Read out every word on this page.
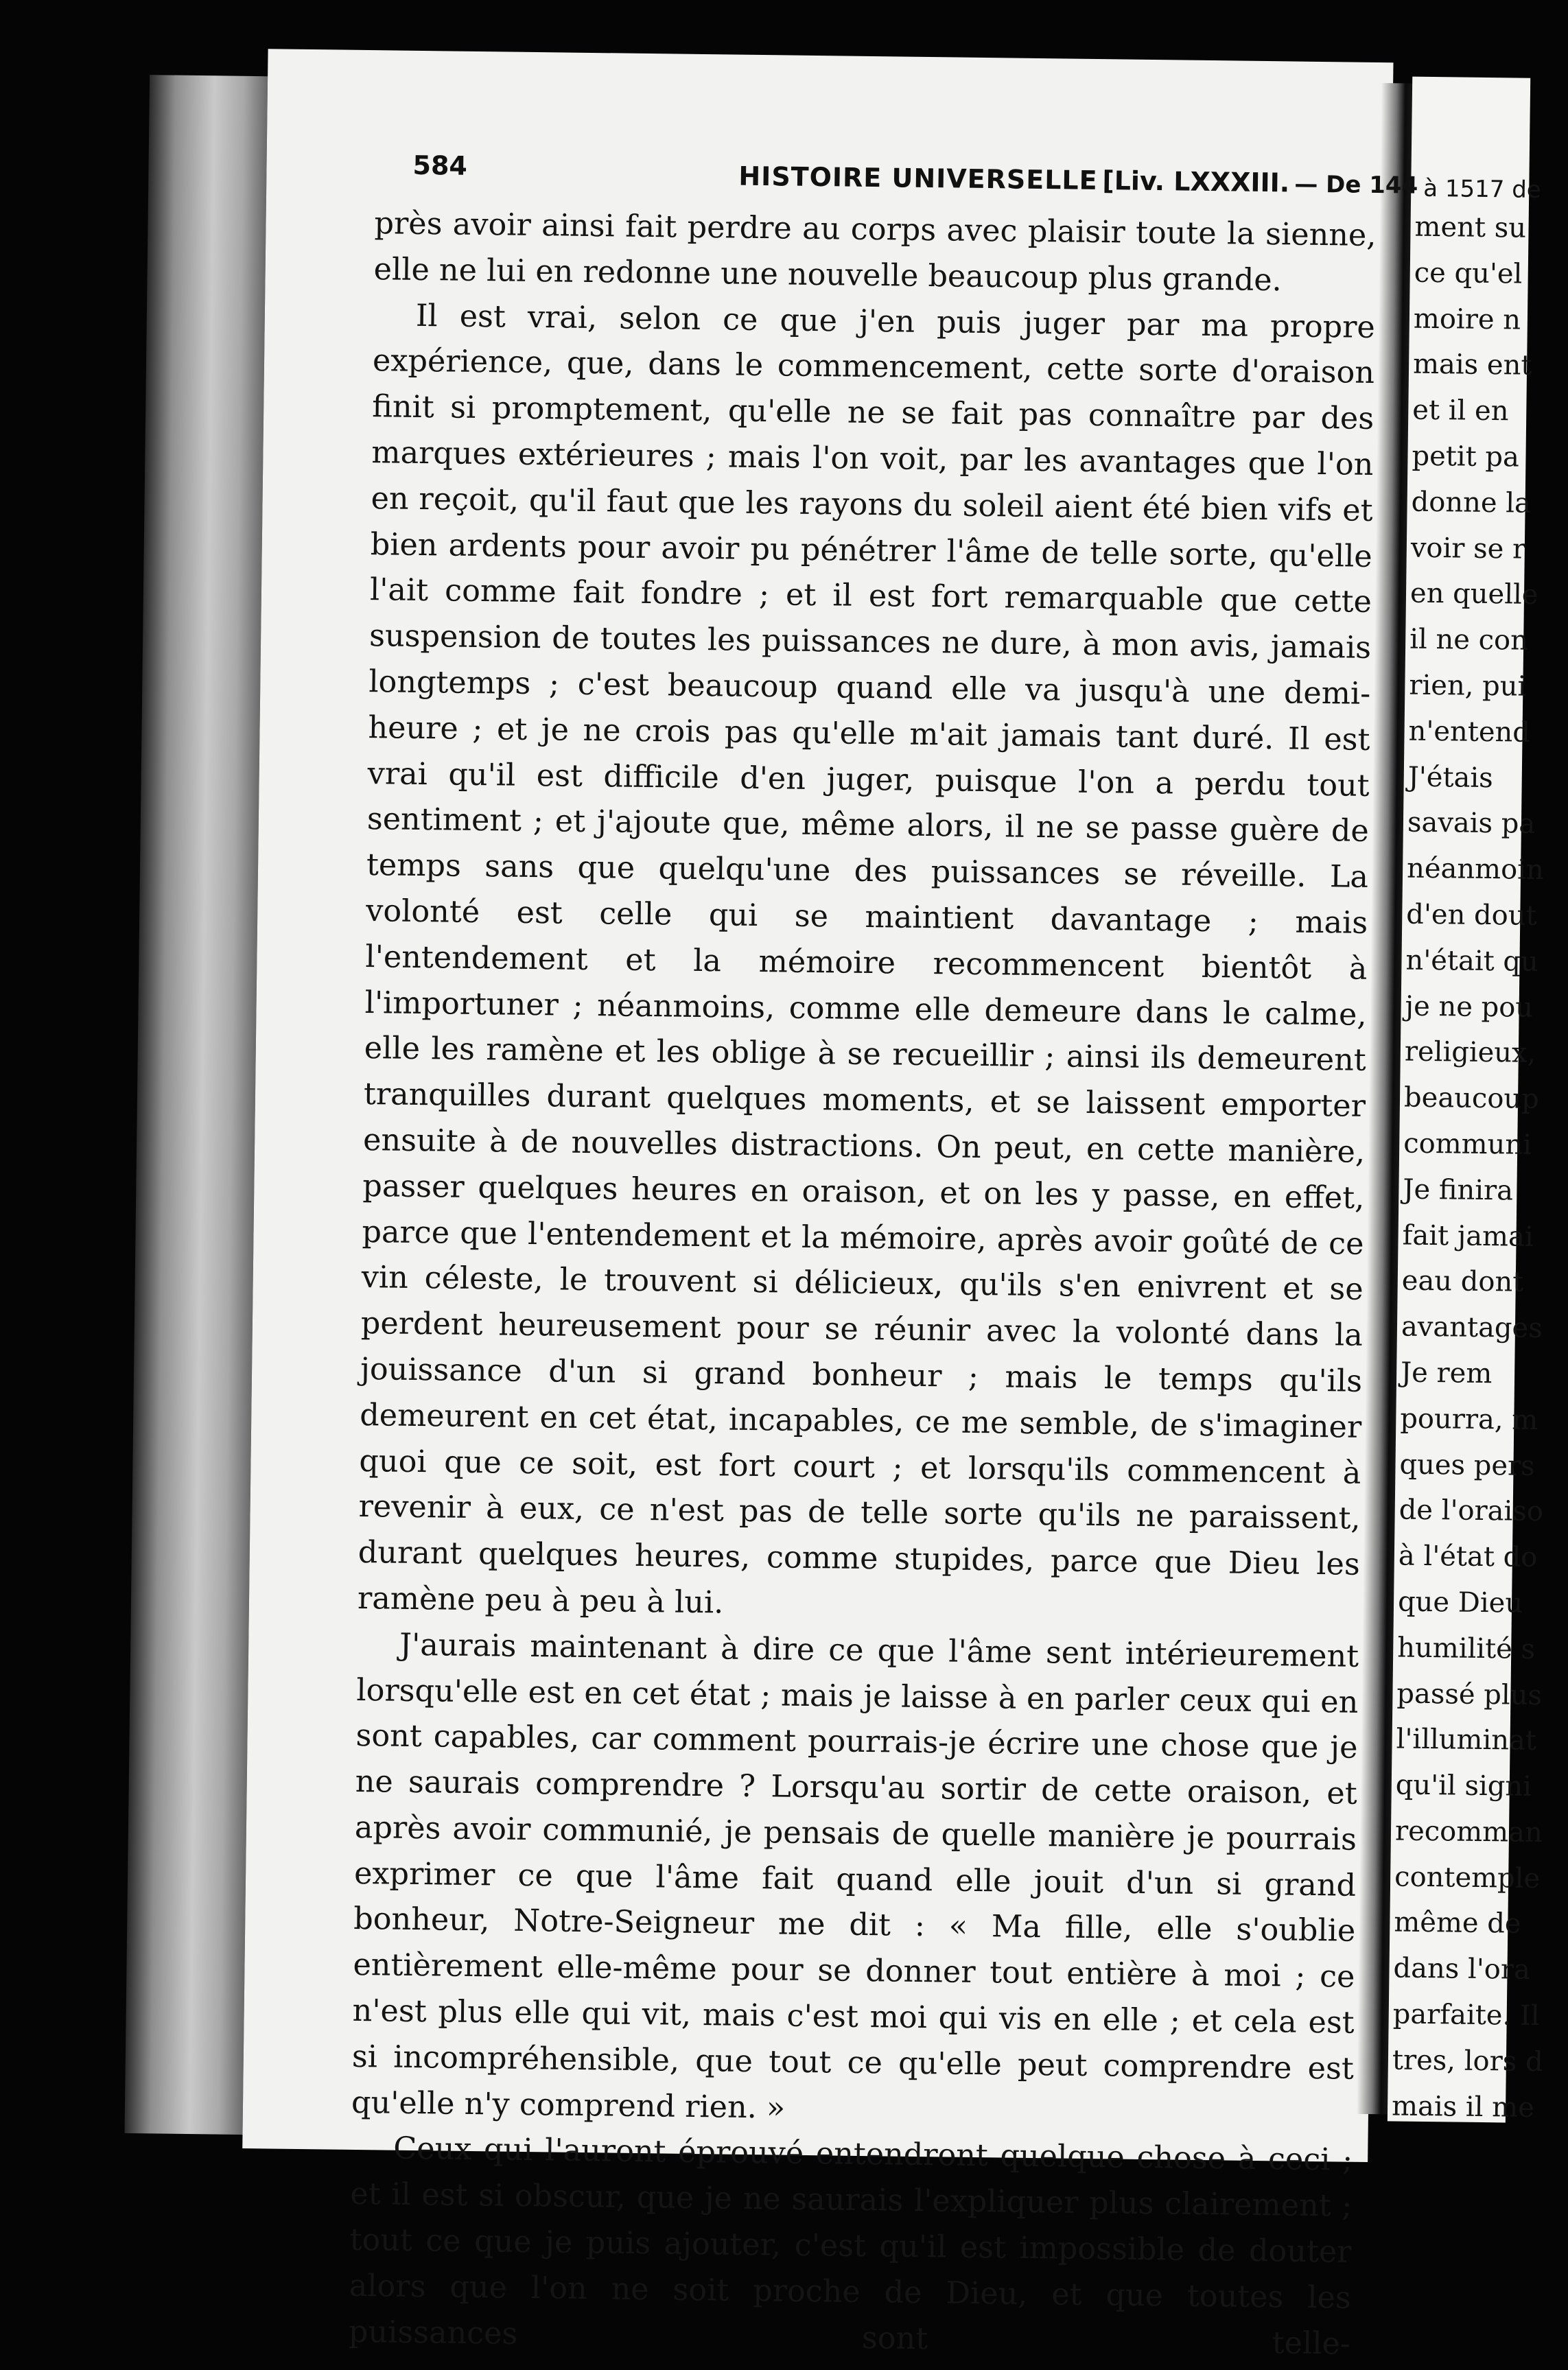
584	HISTOIRE UNIVERSELLE [Liv. LXXXIII. — De 144

près avoir ainsi fait perdre au corps avec plaisir toute la sienne, elle ne lui en redonne une nouvelle beaucoup plus grande.

Il est vrai, selon ce que j'en puis juger par ma propre expérience, que, dans le commencement, cette sorte d'oraison finit si promptement, qu'elle ne se fait pas connaître par des marques extérieures ; mais l'on voit, par les avantages que l'on en reçoit, qu'il faut que les rayons du soleil aient été bien vifs et bien ardents pour avoir pu pénétrer l'âme de telle sorte, qu'elle l'ait comme fait fondre ; et il est fort remarquable que cette suspension de toutes les puissances ne dure, à mon avis, jamais longtemps ; c'est beaucoup quand elle va jusqu'à une demi-heure ; et je ne crois pas qu'elle m'ait jamais tant duré. Il est vrai qu'il est difficile d'en juger, puisque l'on a perdu tout sentiment ; et j'ajoute que, même alors, il ne se passe guère de temps sans que quelqu'une des puissances se réveille. La volonté est celle qui se maintient davantage ; mais l'entendement et la mémoire recommencent bientôt à l'importuner ; néanmoins, comme elle demeure dans le calme, elle les ramène et les oblige à se recueillir ; ainsi ils demeurent tranquilles durant quelques moments, et se laissent emporter ensuite à de nouvelles distractions. On peut, en cette manière, passer quelques heures en oraison, et on les y passe, en effet, parce que l'entendement et la mémoire, après avoir goûté de ce vin céleste, le trouvent si délicieux, qu'ils s'en enivrent et se perdent heureusement pour se réunir avec la volonté dans la jouissance d'un si grand bonheur ; mais le temps qu'ils demeurent en cet état, incapables, ce me semble, de s'imaginer quoi que ce soit, est fort court ; et lorsqu'ils commencent à revenir à eux, ce n'est pas de telle sorte qu'ils ne paraissent, durant quelques heures, comme stupides, parce que Dieu les ramène peu à peu à lui.

J'aurais maintenant à dire ce que l'âme sent intérieurement lorsqu'elle est en cet état ; mais je laisse à en parler ceux qui en sont capables, car comment pourrais-je écrire une chose que je ne saurais comprendre ? Lorsqu'au sortir de cette oraison, et après avoir communié, je pensais de quelle manière je pourrais exprimer ce que l'âme fait quand elle jouit d'un si grand bonheur, Notre-Seigneur me dit : « Ma fille, elle s'oublie entièrement elle-même pour se donner tout entière à moi ; ce n'est plus elle qui vit, mais c'est moi qui vis en elle ; et cela est si incompréhensible, que tout ce qu'elle peut comprendre est qu'elle n'y comprend rien. »

Ceux qui l'auront éprouvé entendront quelque chose à ceci ; et il est si obscur, que je ne saurais l'expliquer plus clairement ; tout ce que je puis ajouter, c'est qu'il est impossible de douter alors que l'on ne soit proche de Dieu, et que toutes les puissances sont telle-

à 1517 de
ment su
ce qu'el
moire n
mais ent
et il en
petit pa
donne la
voir se r
en quelle
il ne con
rien, pui
n'entend
J'étais
savais pa
néanmoin
d'en dout
n'était qu
je ne pou
religieux,
beaucoup
communi
Je finira
fait jamai
eau dont
avantages
Je rem
pourra, m
ques pers
de l'oraiso
à l'état do
que Dieu
humilité s
passé plus
l'illuminat
qu'il signi
recomman
contemple
même de
dans l'ora
parfaite. Il
tres, lors d
mais il me
